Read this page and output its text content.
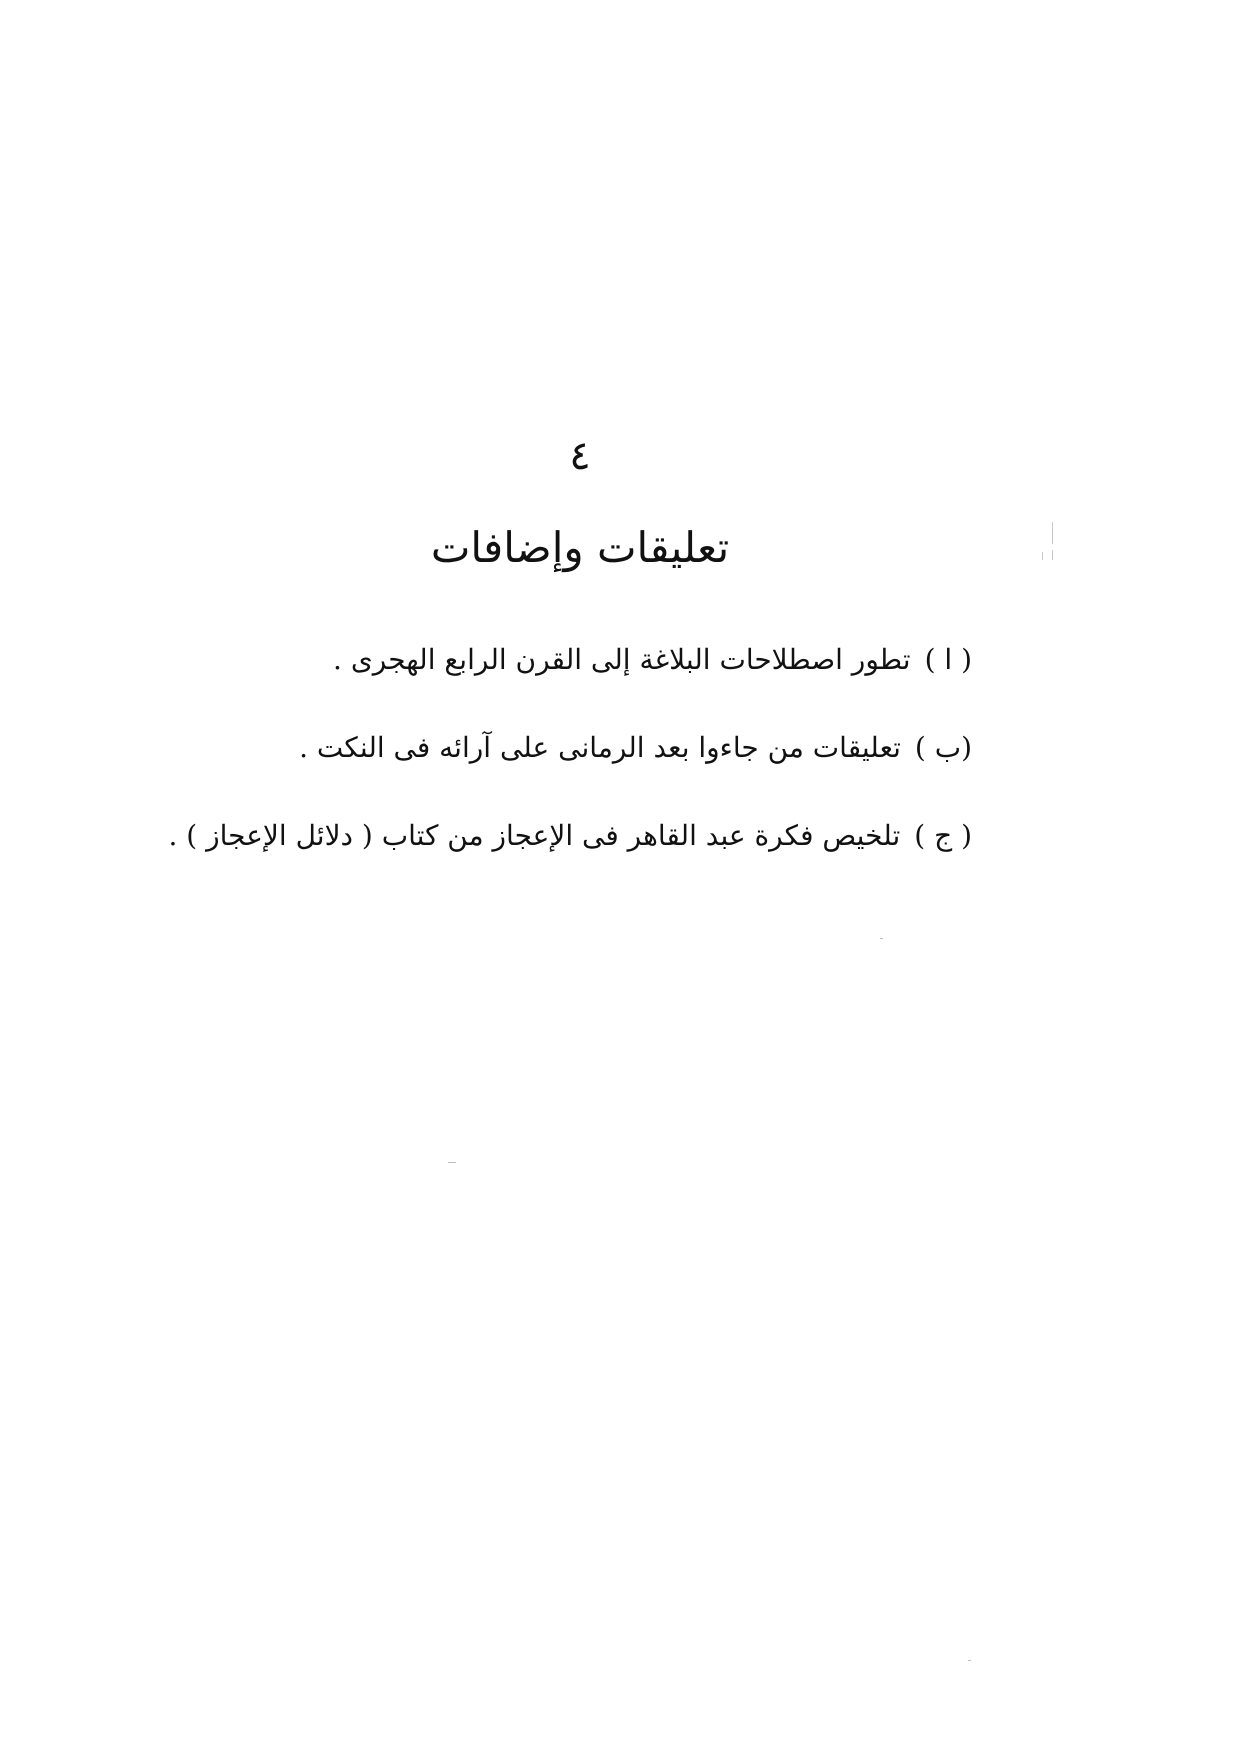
٤
تعليقات وإضافات
( ا )تطور اصطلاحات البلاغة إلى القرن الرابع الهجرى .
(ب )تعليقات من جاءوا بعد الرمانى على آرائه فى النكت .
( ج )تلخيص فكرة عبد القاهر فى الإعجاز من كتاب ( دلائل الإعجاز ) .
